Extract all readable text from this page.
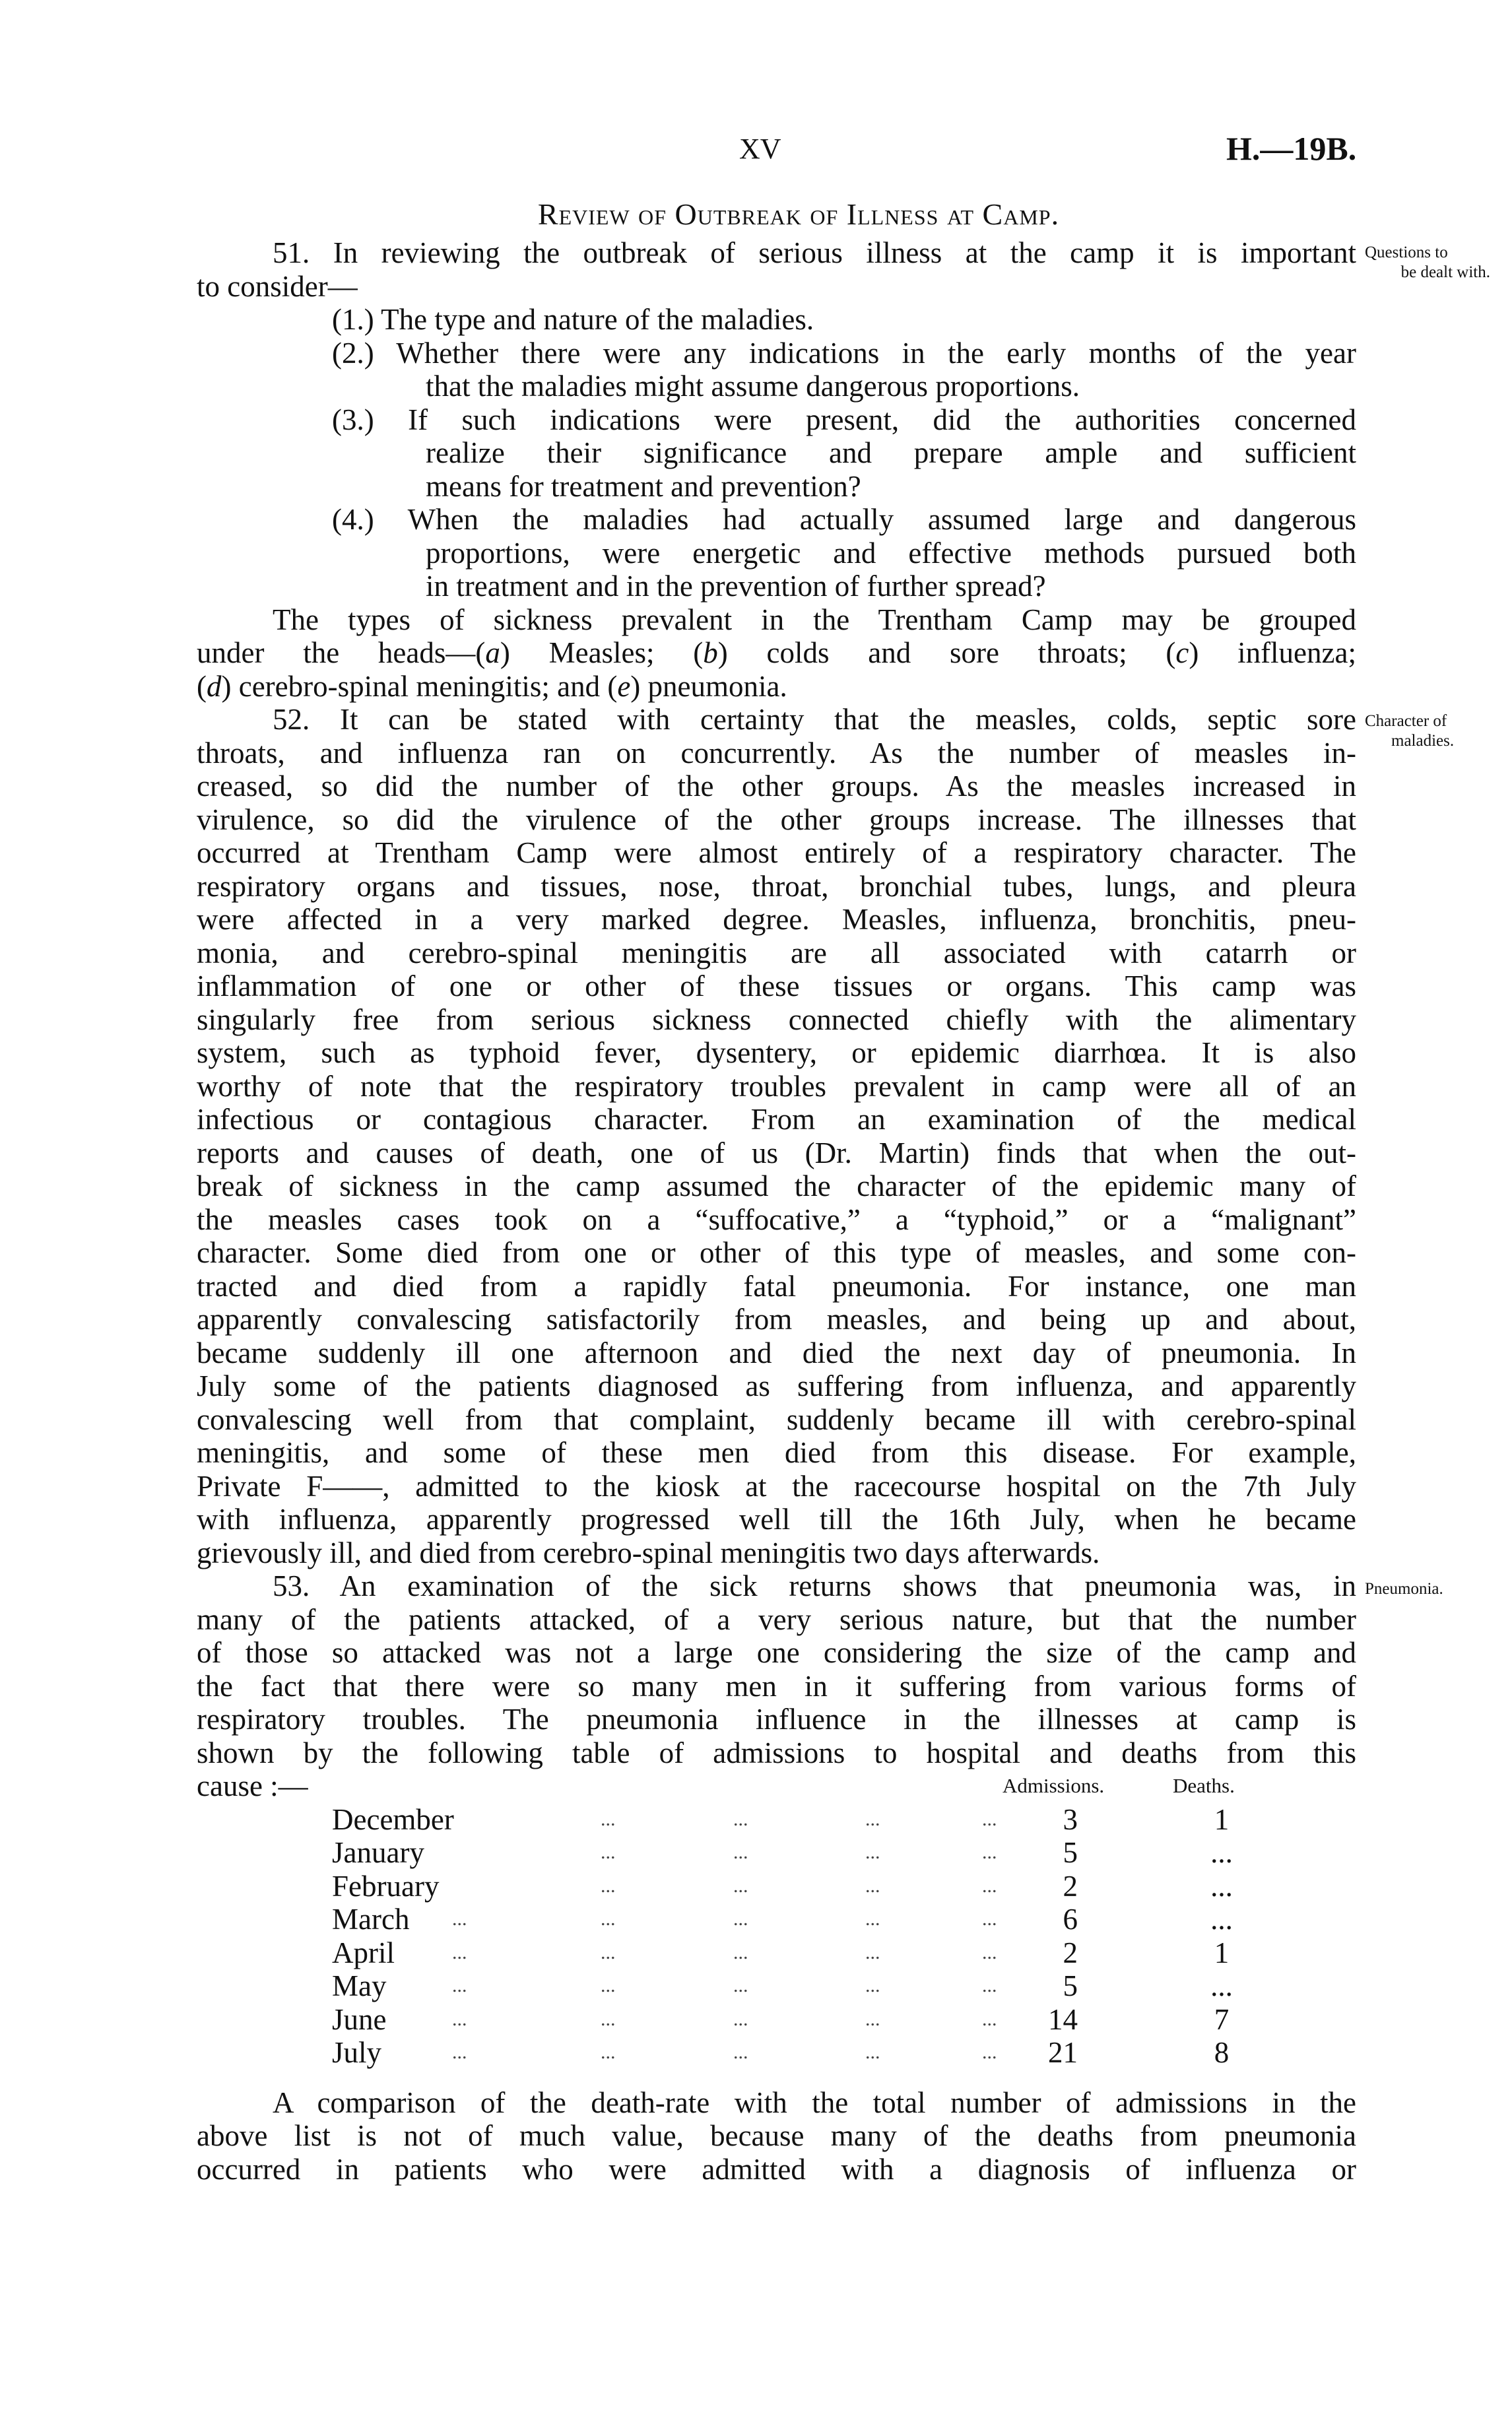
XV	H.—19B.
Review of Outbreak of Illness at Camp.
Questions to
be dealt with.
Character of
maladies.
Pneumonia.
51. In reviewing the outbreak of serious illness at the camp it is important
to consider—
(1.) The type and nature of the maladies.
(2.) Whether there were any indications in the early months of the year
that the maladies might assume dangerous proportions.
(3.) If such indications were present, did the authorities concerned
realize their significance and prepare ample and sufficient
means for treatment and prevention?
(4.) When the maladies had actually assumed large and dangerous
proportions, were energetic and effective methods pursued both
in treatment and in the prevention of further spread?
The types of sickness prevalent in the Trentham Camp may be grouped
under the heads—(a) Measles; (b) colds and sore throats; (c) influenza;
(d) cerebro-spinal meningitis; and (e) pneumonia.
52. It can be stated with certainty that the measles, colds, septic sore
throats, and influenza ran on concurrently. As the number of measles in-
creased, so did the number of the other groups. As the measles increased in
virulence, so did the virulence of the other groups increase. The illnesses that
occurred at Trentham Camp were almost entirely of a respiratory character. The
respiratory organs and tissues, nose, throat, bronchial tubes, lungs, and pleura
were affected in a very marked degree. Measles, influenza, bronchitis, pneu-
monia, and cerebro-spinal meningitis are all associated with catarrh or
inflammation of one or other of these tissues or organs. This camp was
singularly free from serious sickness connected chiefly with the alimentary
system, such as typhoid fever, dysentery, or epidemic diarrhœa. It is also
worthy of note that the respiratory troubles prevalent in camp were all of an
infectious or contagious character. From an examination of the medical
reports and causes of death, one of us (Dr. Martin) finds that when the out-
break of sickness in the camp assumed the character of the epidemic many of
the measles cases took on a “suffocative,” a “typhoid,” or a “malignant”
character. Some died from one or other of this type of measles, and some con-
tracted and died from a rapidly fatal pneumonia. For instance, one man
apparently convalescing satisfactorily from measles, and being up and about,
became suddenly ill one afternoon and died the next day of pneumonia. In
July some of the patients diagnosed as suffering from influenza, and apparently
convalescing well from that complaint, suddenly became ill with cerebro-spinal
meningitis, and some of these men died from this disease. For example,
Private F——, admitted to the kiosk at the racecourse hospital on the 7th July
with influenza, apparently progressed well till the 16th July, when he became
grievously ill, and died from cerebro-spinal meningitis two days afterwards.
53. An examination of the sick returns shows that pneumonia was, in
many of the patients attacked, of a very serious nature, but that the number
of those so attacked was not a large one considering the size of the camp and
the fact that there were so many men in it suffering from various forms of
respiratory troubles. The pneumonia influence in the illnesses at camp is
shown by the following table of admissions to hospital and deaths from this
cause :—	Admissions.	Deaths.
December	...	...	...	... 3	1
January	...	...	...	... 5	...
February	...	...	...	... 2	...
March ...	...	...	...	... 6	...
April	...	...	...	...	... 2	1
May	...	...	...	...	... 5	...
June	...	...	...	...	... 14	7
July	...	...	...	...	... 21	8
A comparison of the death-rate with the total number of admissions in the
above list is not of much value, because many of the deaths from pneumonia
occurred in patients who were admitted with a diagnosis of influenza or
